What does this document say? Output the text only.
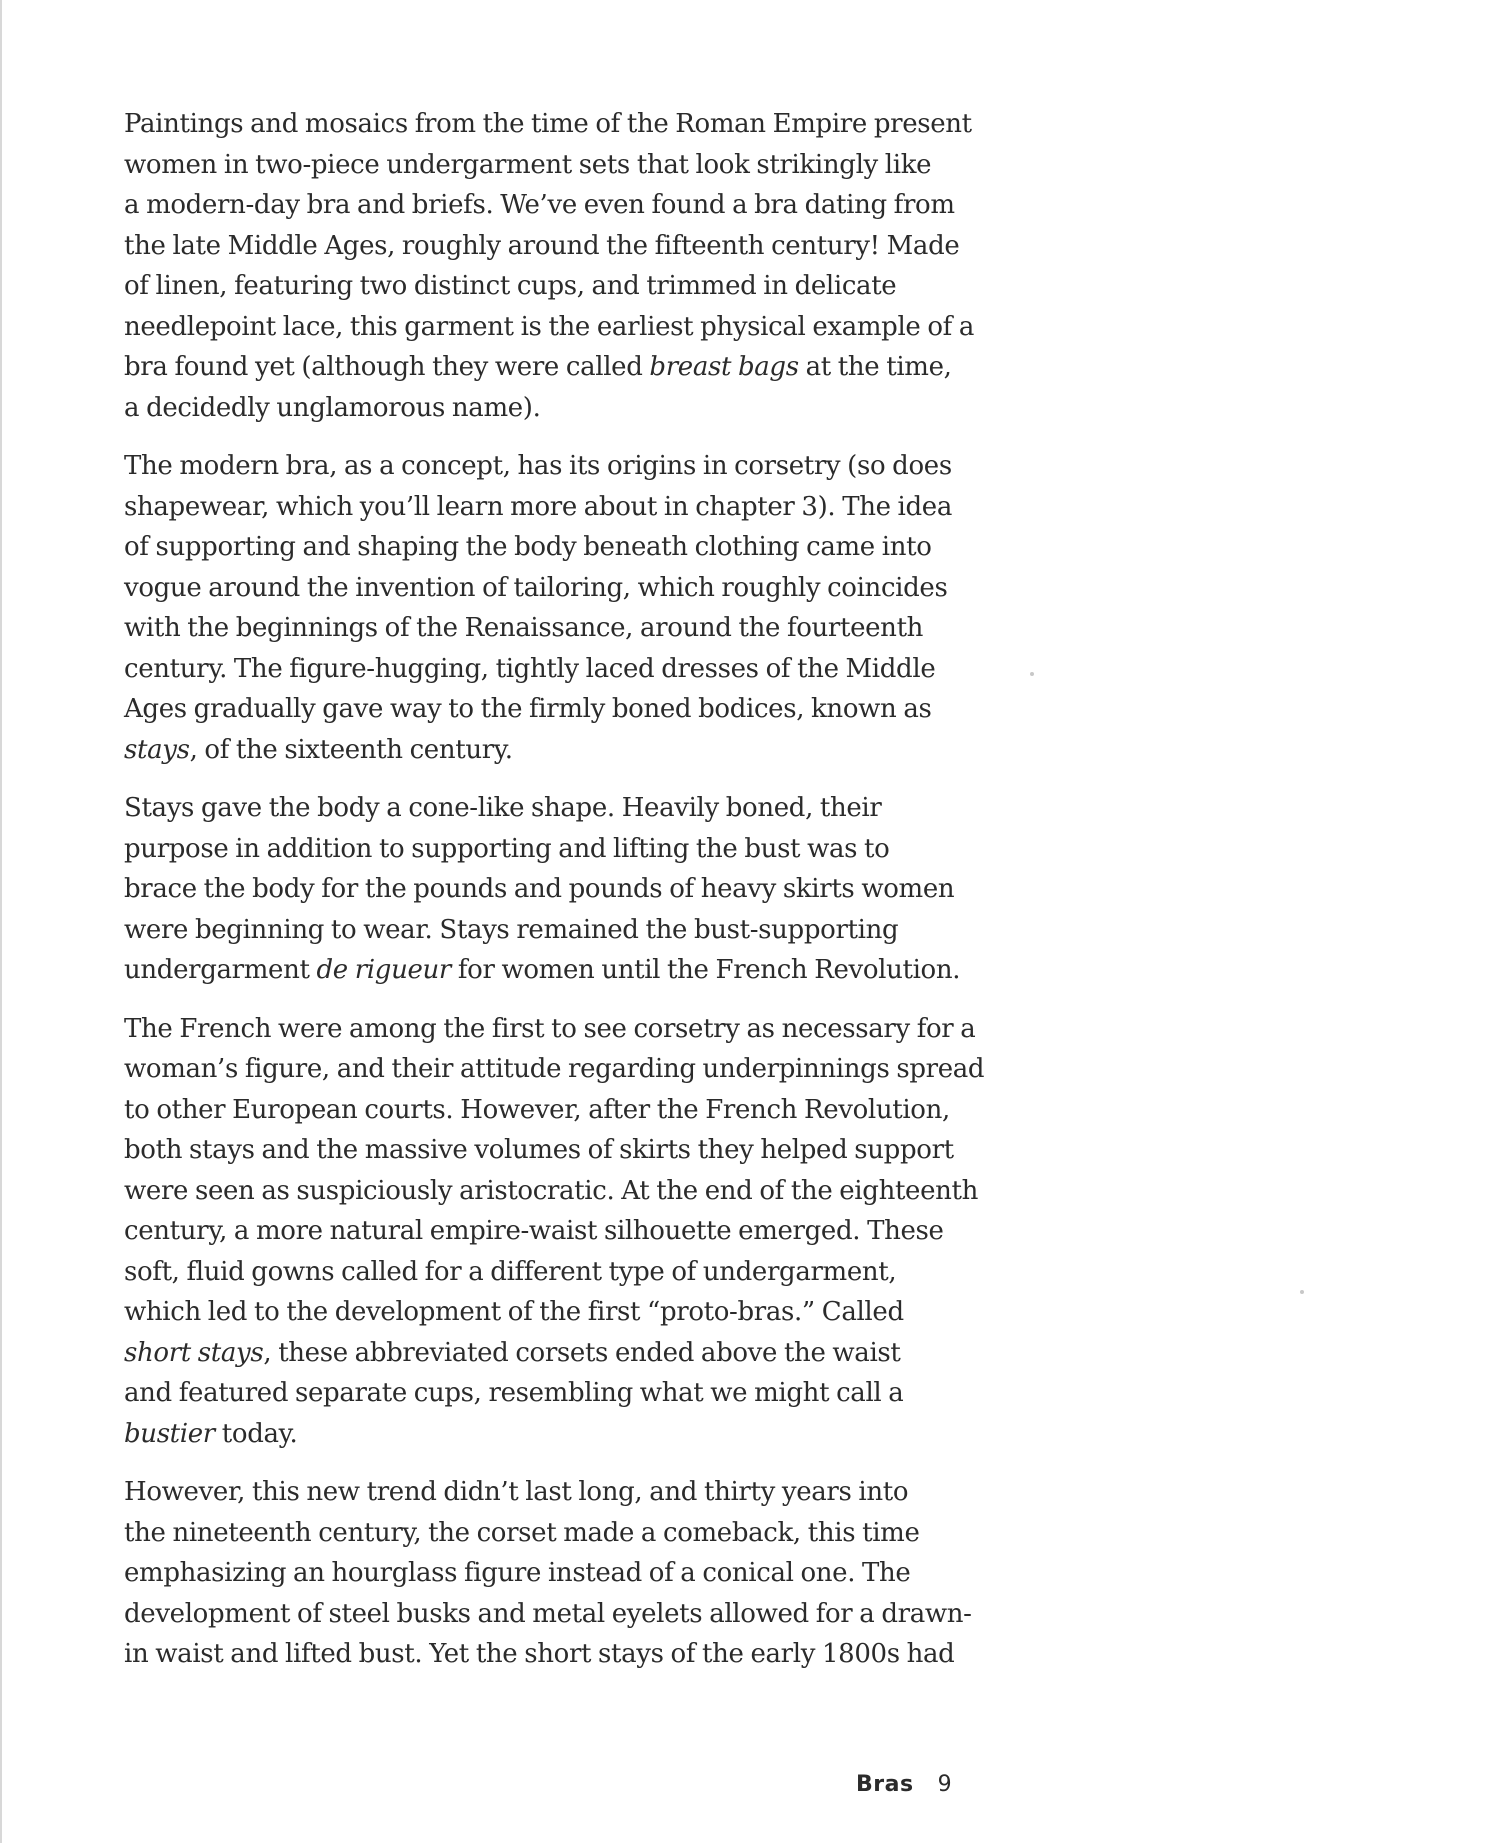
Paintings and mosaics from the time of the Roman Empire present
women in two-piece undergarment sets that look strikingly like
a modern-day bra and briefs. We’ve even found a bra dating from
the late Middle Ages, roughly around the fifteenth century! Made
of linen, featuring two distinct cups, and trimmed in delicate
needlepoint lace, this garment is the earliest physical example of a
bra found yet (although they were called breast bags at the time,
a decidedly unglamorous name).

The modern bra, as a concept, has its origins in corsetry (so does
shapewear, which you’ll learn more about in chapter 3). The idea
of supporting and shaping the body beneath clothing came into
vogue around the invention of tailoring, which roughly coincides
with the beginnings of the Renaissance, around the fourteenth
century. The figure-hugging, tightly laced dresses of the Middle
Ages gradually gave way to the firmly boned bodices, known as
stays, of the sixteenth century.

Stays gave the body a cone-like shape. Heavily boned, their
purpose in addition to supporting and lifting the bust was to
brace the body for the pounds and pounds of heavy skirts women
were beginning to wear. Stays remained the bust-supporting
undergarment de rigueur for women until the French Revolution.

The French were among the first to see corsetry as necessary for a
woman’s figure, and their attitude regarding underpinnings spread
to other European courts. However, after the French Revolution,
both stays and the massive volumes of skirts they helped support
were seen as suspiciously aristocratic. At the end of the eighteenth
century, a more natural empire-waist silhouette emerged. These
soft, fluid gowns called for a different type of undergarment,
which led to the development of the first “proto-bras.” Called
short stays, these abbreviated corsets ended above the waist
and featured separate cups, resembling what we might call a
bustier today.

However, this new trend didn’t last long, and thirty years into
the nineteenth century, the corset made a comeback, this time
emphasizing an hourglass figure instead of a conical one. The
development of steel busks and metal eyelets allowed for a drawn-
in waist and lifted bust. Yet the short stays of the early 1800s had

Bras 9
